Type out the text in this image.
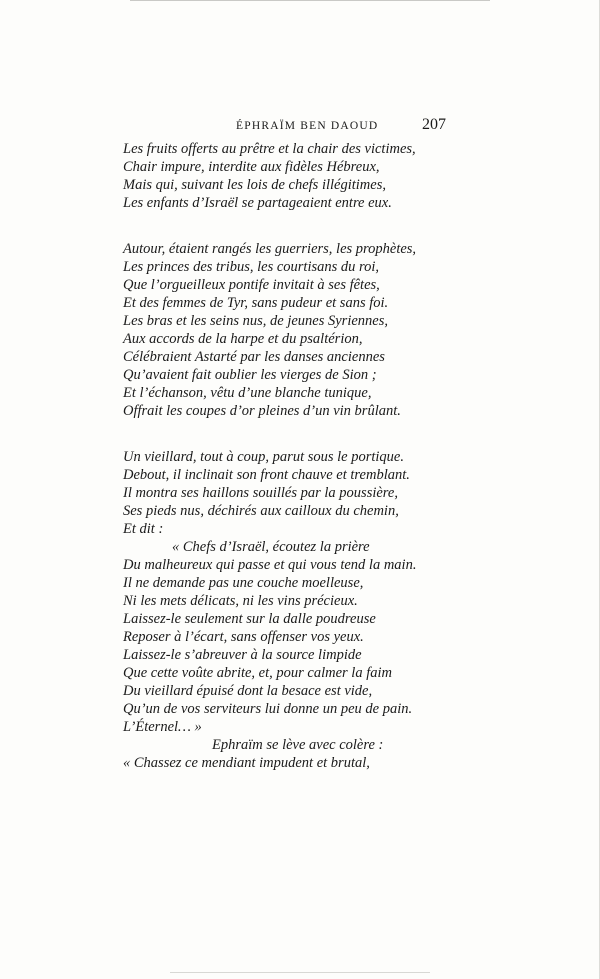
ÉPHRAÏM BEN DAOUD	207
Les fruits offerts au prêtre et la chair des victimes,
Chair impure, interdite aux fidèles Hébreux,
Mais qui, suivant les lois de chefs illégitimes,
Les enfants d’Israël se partageaient entre eux.
Autour, étaient rangés les guerriers, les prophètes,
Les princes des tribus, les courtisans du roi,
Que l’orgueilleux pontife invitait à ses fêtes,
Et des femmes de Tyr, sans pudeur et sans foi.
Les bras et les seins nus, de jeunes Syriennes,
Aux accords de la harpe et du psaltérion,
Célébraient Astarté par les danses anciennes
Qu’avaient fait oublier les vierges de Sion ;
Et l’échanson, vêtu d’une blanche tunique,
Offrait les coupes d’or pleines d’un vin brûlant.
Un vieillard, tout à coup, parut sous le portique.
Debout, il inclinait son front chauve et tremblant.
Il montra ses haillons souillés par la poussière,
Ses pieds nus, déchirés aux cailloux du chemin,
Et dit :
« Chefs d’Israël, écoutez la prière
Du malheureux qui passe et qui vous tend la main.
Il ne demande pas une couche moelleuse,
Ni les mets délicats, ni les vins précieux.
Laissez-le seulement sur la dalle poudreuse
Reposer à l’écart, sans offenser vos yeux.
Laissez-le s’abreuver à la source limpide
Que cette voûte abrite, et, pour calmer la faim
Du vieillard épuisé dont la besace est vide,
Qu’un de vos serviteurs lui donne un peu de pain.
L’Éternel… »
Ephraïm se lève avec colère :
« Chassez ce mendiant impudent et brutal,
